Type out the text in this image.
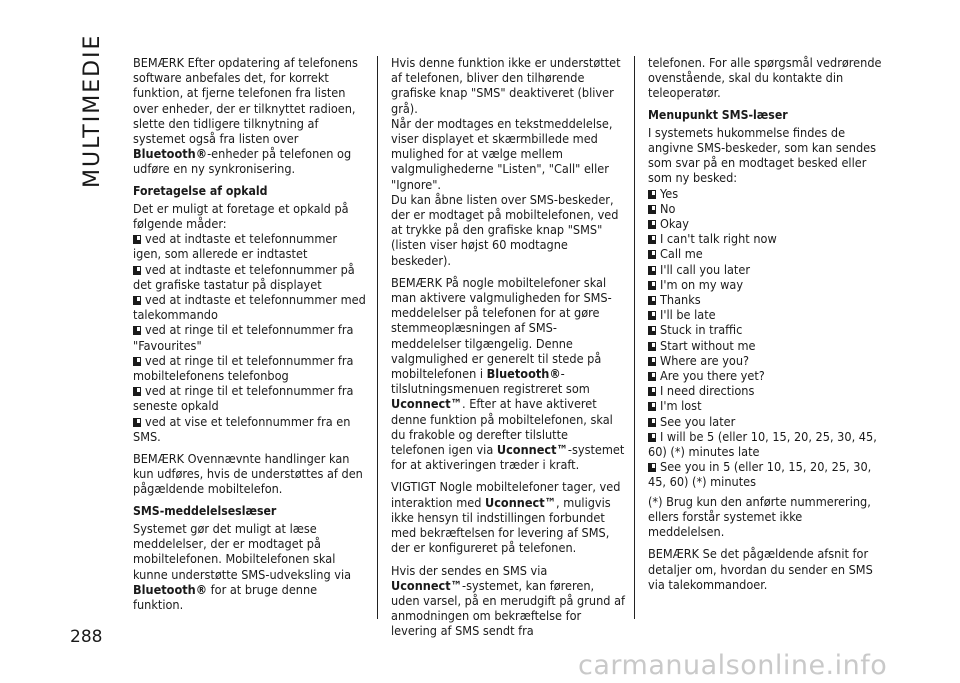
MULTIMEDIE
288

BEMÆRK Efter opdatering af telefonens software anbefales det, for korrekt funktion, at fjerne telefonen fra listen over enheder, der er tilknyttet radioen, slette den tidligere tilknytning af systemet også fra listen over Bluetooth®-enheder på telefonen og udføre en ny synkronisering.

Foretagelse af opkald

Det er muligt at foretage et opkald på følgende måder:

ved at indtaste et telefonnummer igen, som allerede er indtastet
ved at indtaste et telefonnummer på det grafiske tastatur på displayet
ved at indtaste et telefonnummer med talekommando
ved at ringe til et telefonnummer fra "Favourites"
ved at ringe til et telefonnummer fra mobiltelefonens telefonbog
ved at ringe til et telefonnummer fra seneste opkald
ved at vise et telefonnummer fra en SMS.

BEMÆRK Ovennævnte handlinger kan kun udføres, hvis de understøttes af den pågældende mobiltelefon.

SMS-meddelelseslæser

Systemet gør det muligt at læse meddelelser, der er modtaget på mobiltelefonen. Mobiltelefonen skal kunne understøtte SMS-udveksling via Bluetooth® for at bruge denne funktion.

Hvis denne funktion ikke er understøttet af telefonen, bliver den tilhørende grafiske knap "SMS" deaktiveret (bliver grå).

Når der modtages en tekstmeddelelse, viser displayet et skærmbillede med mulighed for at vælge mellem valgmulighederne "Listen", "Call" eller "Ignore".

Du kan åbne listen over SMS-beskeder, der er modtaget på mobiltelefonen, ved at trykke på den grafiske knap "SMS" (listen viser højst 60 modtagne beskeder).

BEMÆRK På nogle mobiltelefoner skal man aktivere valgmuligheden for SMS-meddelelser på telefonen for at gøre stemmeoplæsningen af SMS-meddelelser tilgængelig. Denne valgmulighed er generelt til stede på mobiltelefonen i Bluetooth®-tilslutningsmenuen registreret som Uconnect™. Efter at have aktiveret denne funktion på mobiltelefonen, skal du frakoble og derefter tilslutte telefonen igen via Uconnect™-systemet for at aktiveringen træder i kraft.

VIGTIGT Nogle mobiltelefoner tager, ved interaktion med Uconnect™, muligvis ikke hensyn til indstillingen forbundet med bekræftelsen for levering af SMS, der er konfigureret på telefonen.

Hvis der sendes en SMS via Uconnect™-systemet, kan føreren, uden varsel, på en merudgift på grund af anmodningen om bekræftelse for levering af SMS sendt fra

telefonen. For alle spørgsmål vedrørende ovenstående, skal du kontakte din teleoperatør.

Menupunkt SMS-læser

I systemets hukommelse findes de angivne SMS-beskeder, som kan sendes som svar på en modtaget besked eller som ny besked:

Yes
No
Okay
I can't talk right now
Call me
I'll call you later
I'm on my way
Thanks
I'll be late
Stuck in traffic
Start without me
Where are you?
Are you there yet?
I need directions
I'm lost
See you later
I will be 5 (eller 10, 15, 20, 25, 30, 45, 60) (*) minutes late
See you in 5 (eller 10, 15, 20, 25, 30, 45, 60) (*) minutes

(*) Brug kun den anførte nummerering, ellers forstår systemet ikke meddelelsen.

BEMÆRK Se det pågældende afsnit for detaljer om, hvordan du sender en SMS via talekommandoer.

carmanualsonline.info
